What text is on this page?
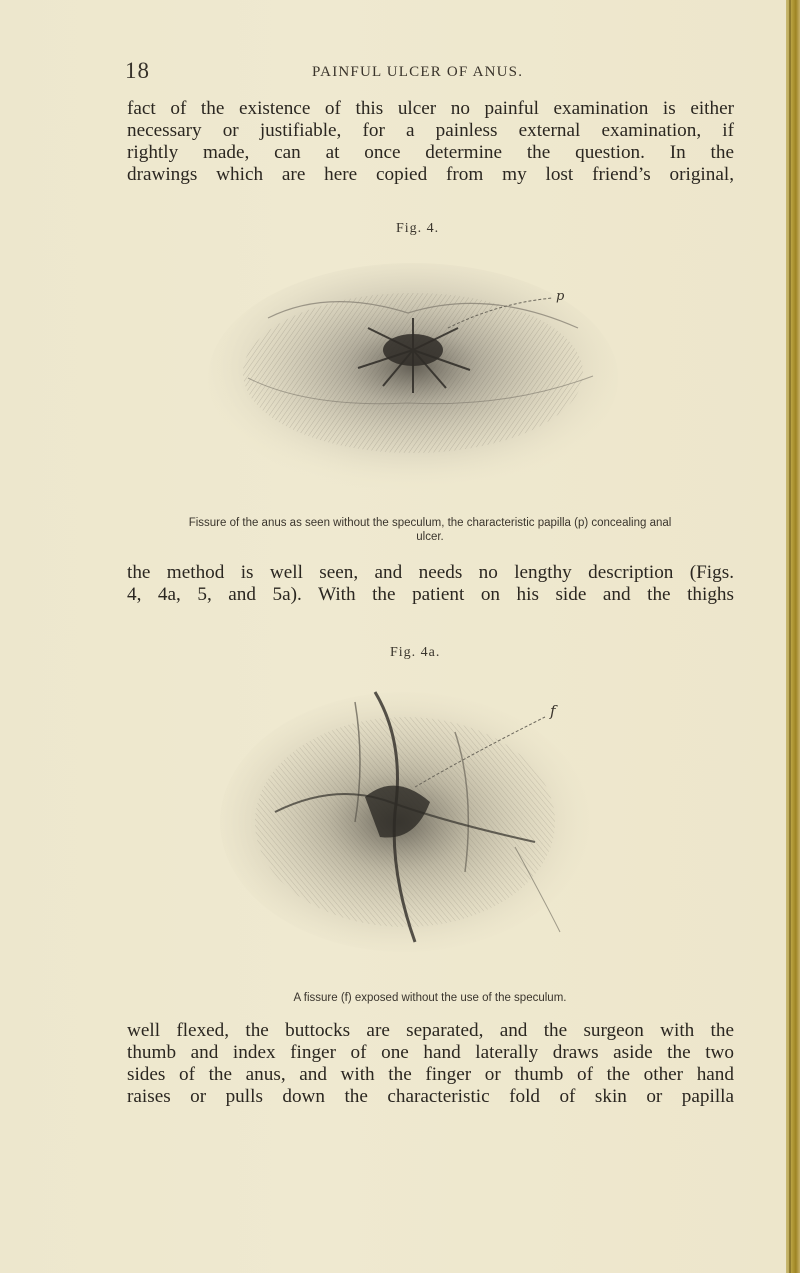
18	PAINFUL ULCER OF ANUS.

fact of the existence of this ulcer no painful examination is either
necessary or justifiable, for a painless external examination, if
rightly made, can at once determine the question. In the
drawings which are here copied from my lost friend’s original,

Fig. 4.
p
Fissure of the anus as seen without the speculum, the characteristic papilla (p) concealing anal
ulcer.

the method is well seen, and needs no lengthy description (Figs.
4, 4a, 5, and 5a). With the patient on his side and the thighs

Fig. 4a.
f
A fissure (f) exposed without the use of the speculum.

well flexed, the buttocks are separated, and the surgeon with the
thumb and index finger of one hand laterally draws aside the two
sides of the anus, and with the finger or thumb of the other hand
raises or pulls down the characteristic fold of skin or papilla
